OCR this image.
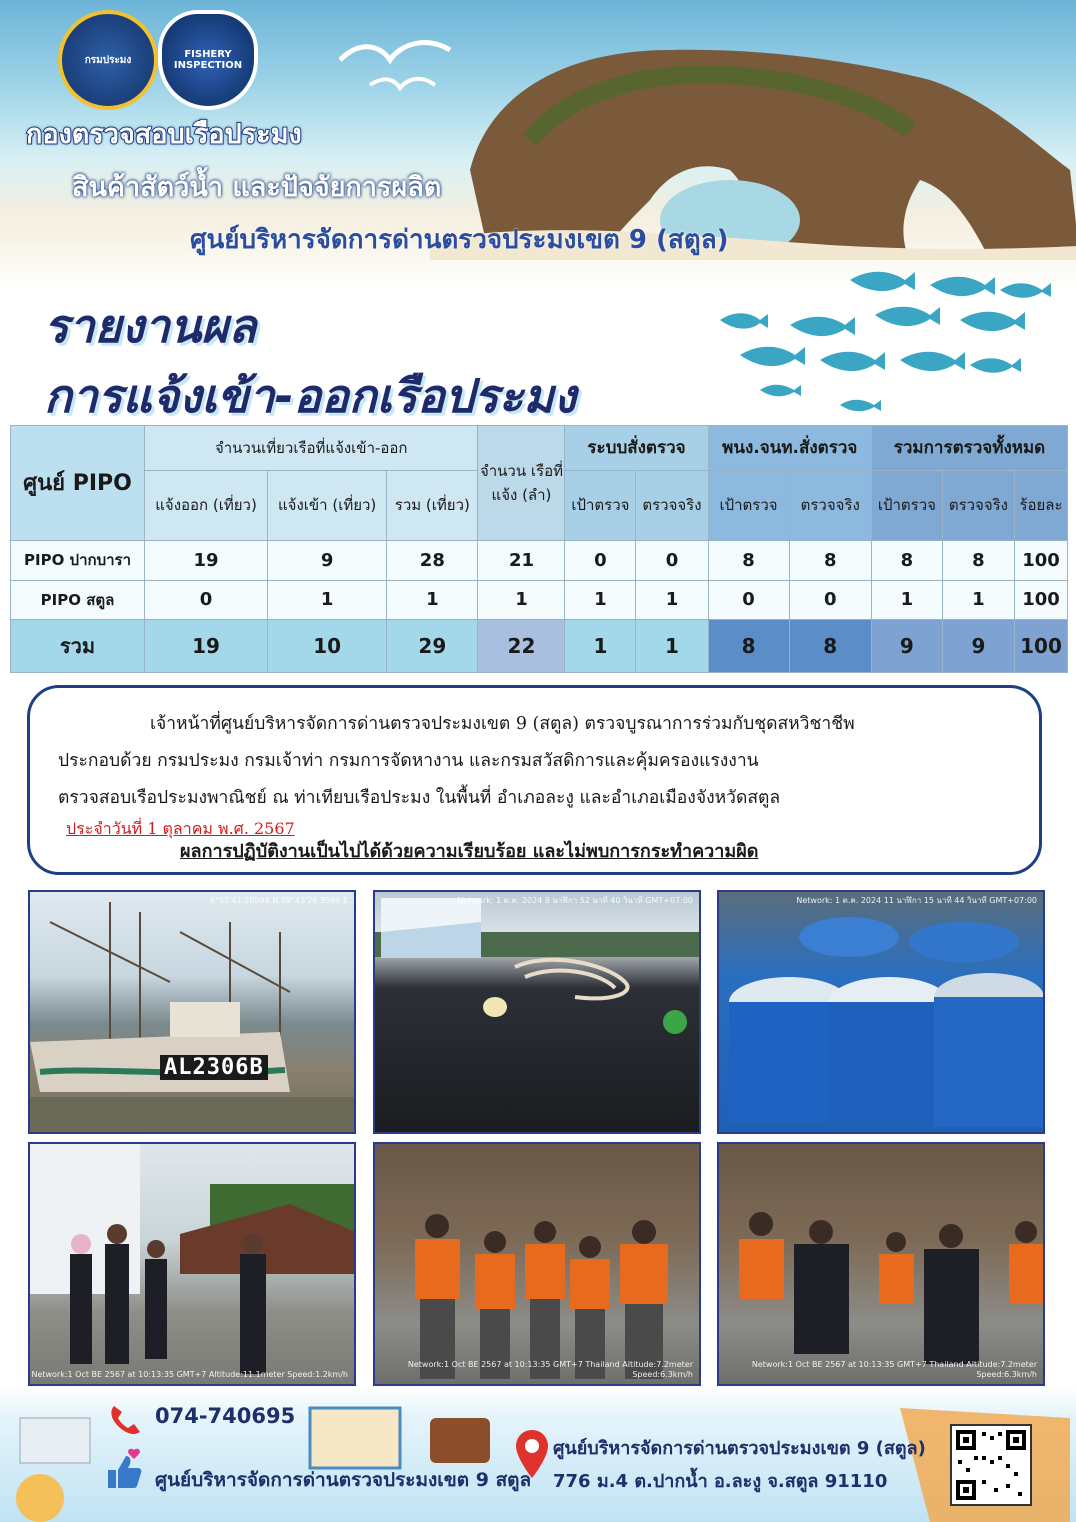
กรมประมง	FISHERY INSPECTION
กองตรวจสอบเรือประมง
สินค้าสัตว์น้ำ และปัจจัยการผลิต
ศูนย์บริหารจัดการด่านตรวจประมงเขต 9 (สตูล)
รายงานผล
การแจ้งเข้า-ออกเรือประมง
ศูนย์ PIPO	จำนวนเที่ยวเรือที่แจ้งเข้า-ออก			จำนวน เรือที่แจ้ง (ลำ)	ระบบสั่งตรวจ		พนง.จนท.สั่งตรวจ		รวมการตรวจทั้งหมด		
	แจ้งออก (เที่ยว)	แจ้งเข้า (เที่ยว)	รวม (เที่ยว)		เป้าตรวจ	ตรวจจริง	เป้าตรวจ	ตรวจจริง	เป้าตรวจ	ตรวจจริง	ร้อยละ
PIPO ปากบารา	19	9	28	21	0	0	8	8	8	8	100
PIPO สตูล	0	1	1	1	1	1	0	0	1	1	100
รวม	19	10	29	22	1	1	8	8	9	9	100

เจ้าหน้าที่ศูนย์บริหารจัดการด่านตรวจประมงเขต 9 (สตูล) ตรวจบูรณาการร่วมกับชุดสหวิชาชีพ

ประกอบด้วย กรมประมง กรมเจ้าท่า กรมการจัดหางาน และกรมสวัสดิการและคุ้มครองแรงงาน

ตรวจสอบเรือประมงพาณิชย์ ณ ท่าเทียบเรือประมง ในพื้นที่ อำเภอละงู และอำเภอเมืองจังหวัดสตูล

ประจำวันที่ 1 ตุลาคม พ.ศ. 2567
ผลการปฏิบัติงานเป็นไปได้ด้วยความเรียบร้อย และไม่พบการกระทำความผิด
AL2306B
6°51'41.28998 N 99°43'26.3599 E	Network: 1 ต.ค. 2024 9 นาฬิกา 52 นาที 40 วินาที GMT+07:00	Network: 1 ต.ค. 2024 11 นาฬิกา 15 นาที 44 วินาที GMT+07:00
Network:1 Oct BE 2567 at 10:13:35 GMT+7 Altitude:11.1meter Speed:1.2km/h
Network:1 Oct BE 2567 at 10:13:35 GMT+7 Thailand Altitude:7.2meter Speed:6.3km/h
Network:1 Oct BE 2567 at 10:13:35 GMT+7 Thailand Altitude:7.2meter Speed:6.3km/h
074-740695
ศูนย์บริหารจัดการด่านตรวจประมงเขต 9 สตูล
ศูนย์บริหารจัดการด่านตรวจประมงเขต 9 (สตูล)
776 ม.4 ต.ปากน้ำ อ.ละงู จ.สตูล 91110
